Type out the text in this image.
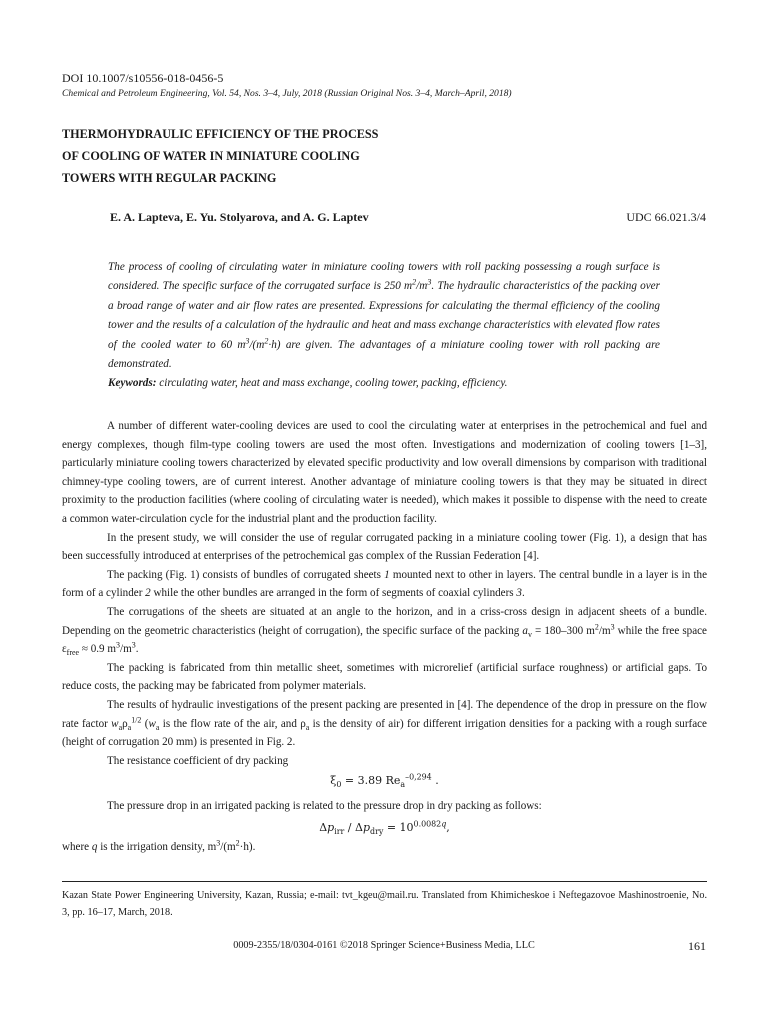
DOI 10.1007/s10556-018-0456-5
Chemical and Petroleum Engineering, Vol. 54, Nos. 3–4, July, 2018 (Russian Original Nos. 3–4, March–April, 2018)
THERMOHYDRAULIC EFFICIENCY OF THE PROCESS
OF COOLING OF WATER IN MINIATURE COOLING
TOWERS WITH REGULAR PACKING
E. A. Lapteva, E. Yu. Stolyarova, and A. G. Laptev	UDC 66.021.3/4

The process of cooling of circulating water in miniature cooling towers with roll packing possessing a rough surface is considered. The specific surface of the corrugated surface is 250 $m^2/m^3$. The hydraulic characteristics of the packing over a broad range of water and air flow rates are presented. Expressions for calculating the thermal efficiency of the cooling tower and the results of a calculation of the hydraulic and heat and mass exchange characteristics with elevated flow rates of the cooled water to 60 $m^3/(m^2\cdot h)$ are given. The advantages of a miniature cooling tower with roll packing are demonstrated.

Keywords: circulating water, heat and mass exchange, cooling tower, packing, efficiency.

A number of different water-cooling devices are used to cool the circulating water at enterprises in the petrochemical and fuel and energy complexes, though film-type cooling towers are used the most often. Investigations and modernization of cooling towers [1–3], particularly miniature cooling towers characterized by elevated specific productivity and low overall dimensions by comparison with traditional chimney-type cooling towers, are of current interest. Another advantage of miniature cooling towers is that they may be situated in direct proximity to the production facilities (where cooling of circulating water is needed), which makes it possible to dispense with the need to create a common water-circulation cycle for the industrial plant and the production facility.

In the present study, we will consider the use of regular corrugated packing in a miniature cooling tower (Fig. 1), a design that has been successfully introduced at enterprises of the petrochemical gas complex of the Russian Federation [4].

The packing (Fig. 1) consists of bundles of corrugated sheets 1 mounted next to other in layers. The central bundle in a layer is in the form of a cylinder 2 while the other bundles are arranged in the form of segments of coaxial cylinders 3.

The corrugations of the sheets are situated at an angle to the horizon, and in a criss-cross design in adjacent sheets of a bundle. Depending on the geometric characteristics (height of corrugation), the specific surface of the packing $a_v = 180-300$ $m^2/m^3$ while the free space $\varepsilon_{free} \approx 0.9$ $m^3/m^3$.

The packing is fabricated from thin metallic sheet, sometimes with microrelief (artificial surface roughness) or artificial gaps. To reduce costs, the packing may be fabricated from polymer materials.

The results of hydraulic investigations of the present packing are presented in [4]. The dependence of the drop in pressure on the flow rate factor $w_a\rho_a^{1/2}$ ($w_a$ is the flow rate of the air, and $\rho_a$ is the density of air) for different irrigation densities for a packing with a rough surface (height of corrugation 20 mm) is presented in Fig. 2.

The resistance coefficient of dry packing

$\xi_0 = 3.89$ $Re_a^{-0,294}$ .

The pressure drop in an irrigated packing is related to the pressure drop in dry packing as follows:

$\Delta p_{irr} / \Delta p_{dry} = 10^{0.0082q}$,

where q is the irrigation density, $m^3/(m^2\cdot h)$.

Kazan State Power Engineering University, Kazan, Russia; e-mail: tvt_kgeu@mail.ru. Translated from Khimicheskoe i Neftegazovoe Mashinostroenie, No. 3, pp. 16–17, March, 2018.
0009-2355/18/0304-0161 ©2018 Springer Science+Business Media, LLC	161
